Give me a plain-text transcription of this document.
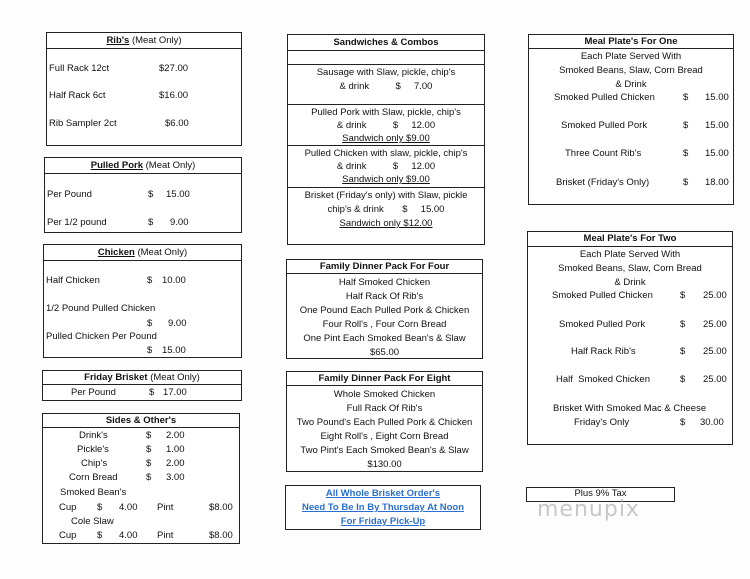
Rib's (Meat Only)
Full Rack 12ct	$27.00
Half Rack 6ct	$16.00
Rib Sampler 2ct	$6.00
Pulled Pork (Meat Only)
Per Pound	$ 15.00
Per 1/2 pound	$ 9.00
Chicken (Meat Only)
Half Chicken	$ 10.00
1/2 Pound Pulled Chicken
$ 9.00
Pulled Chicken Per Pound
$ 15.00
Friday Brisket (Meat Only)
Per Pound	$ 17.00
Sides & Other's
Drink's	$ 2.00
Pickle's	$ 1.00
Chip's	$ 2.00
Corn Bread	$ 3.00
Smoked Bean's
Cup $ 4.00 Pint	$8.00
Cole Slaw
Cup $ 4.00 Pint	$8.00
Sandwiches & Combos
Sausage with Slaw, pickle, chip's
& drink          $     7.00
Pulled Pork with Slaw, pickle, chip's
& drink          $     12.00
Sandwich only $9.00
Pulled Chicken with slaw, pickle, chip's
& drink          $     12.00
Sandwich only $9.00
Brisket (Friday's only) with Slaw, pickle
chip's & drink       $     15.00
Sandwich only $12.00
Family Dinner Pack For Four
Half Smoked Chicken
Half Rack Of Rib's
One Pound Each Pulled Pork & Chicken
Four Roll's , Four Corn Bread
One Pint Each Smoked Bean's & Slaw
$65.00
Family Dinner Pack For Eight
Whole Smoked Chicken
Full Rack Of Rib's
Two Pound's Each Pulled Pork & Chicken
Eight Roll's , Eight Corn Bread
Two Pint's Each Smoked Bean's & Slaw
$130.00
All Whole Brisket Order's
Need To Be In By Thursday At Noon
For Friday Pick-Up
Meal Plate's For One
Each Plate Served With
Smoked Beans, Slaw, Corn Bread
& Drink
Smoked Pulled Chicken	$ 15.00
Smoked Pulled Pork	$ 15.00
Three Count Rib's	$ 15.00
Brisket (Friday's Only)	$ 18.00
Meal Plate's For Two
Each Plate Served With
Smoked Beans, Slaw, Corn Bread
& Drink
Smoked Pulled Chicken	$ 25.00
Smoked Pulled Pork	$ 25.00
Half Rack Rib's	$ 25.00
Half  Smoked Chicken	$ 25.00
Brisket With Smoked Mac & Cheese
Friday's Only	$ 30.00
Plus 9% Tax
menupix
